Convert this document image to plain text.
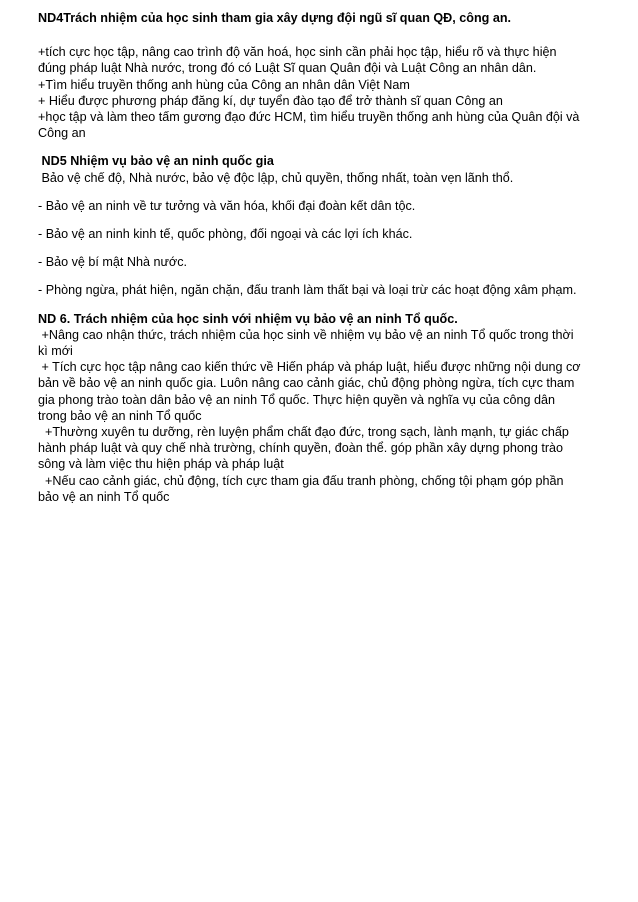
ND4Trách nhiệm của học sinh tham gia xây dựng đội ngũ sĩ quan QĐ, công an.
+tích cực học tập, nâng cao trình độ văn hoá, học sinh cần phải học tập, hiểu rõ và thực hiện
đúng pháp luật Nhà nước, trong đó có Luật Sĩ quan Quân đội và Luật Công an nhân dân.
+Tìm hiểu truyền thống anh hùng của Công an nhân dân Việt Nam
+ Hiểu được phương pháp đăng kí, dự tuyển đào tạo để trở thành sĩ quan Công an
+học tập và làm theo tấm gương đạo đức HCM, tìm hiểu truyền thống anh hùng của Quân đội và
Công an
ND5 Nhiệm vụ bảo vệ an ninh quốc gia
Bảo vệ chế độ, Nhà nước, bảo vệ độc lập, chủ quyền, thống nhất, toàn vẹn lãnh thổ.
- Bảo vệ an ninh về tư tưởng và văn hóa, khối đại đoàn kết dân tộc.
- Bảo vệ an ninh kinh tế, quốc phòng, đối ngoại và các lợi ích khác.
- Bảo vệ bí mật Nhà nước.
- Phòng ngừa, phát hiện, ngăn chặn, đấu tranh làm thất bại và loại trừ các hoạt động xâm phạm.
ND 6. Trách nhiệm của học sinh với nhiệm vụ bảo vệ an ninh Tổ quốc.
+Nâng cao nhận thức, trách nhiệm của học sinh về nhiệm vụ bảo vệ an ninh Tổ quốc trong thời
kì mới
+ Tích cực học tập nâng cao kiến thức về Hiến pháp và pháp luật, hiểu được những nội dung cơ
bản về bảo vệ an ninh quốc gia. Luôn nâng cao cảnh giác, chủ động phòng ngừa, tích cực tham
gia phong trào toàn dân bảo vệ an ninh Tổ quốc. Thực hiện quyền và nghĩa vụ của công dân
trong bảo vệ an ninh Tổ quốc
+Thường xuyên tu dưỡng, rèn luyện phẩm chất đạo đức, trong sạch, lành mạnh, tự giác chấp
hành pháp luật và quy chế nhà trường, chính quyền, đoàn thể. góp phần xây dựng phong trào
sông và làm việc thu hiện pháp và pháp luật
+Nếu cao cảnh giác, chủ động, tích cực tham gia đấu tranh phòng, chống tội phạm góp phần
bảo vệ an ninh Tổ quốc
